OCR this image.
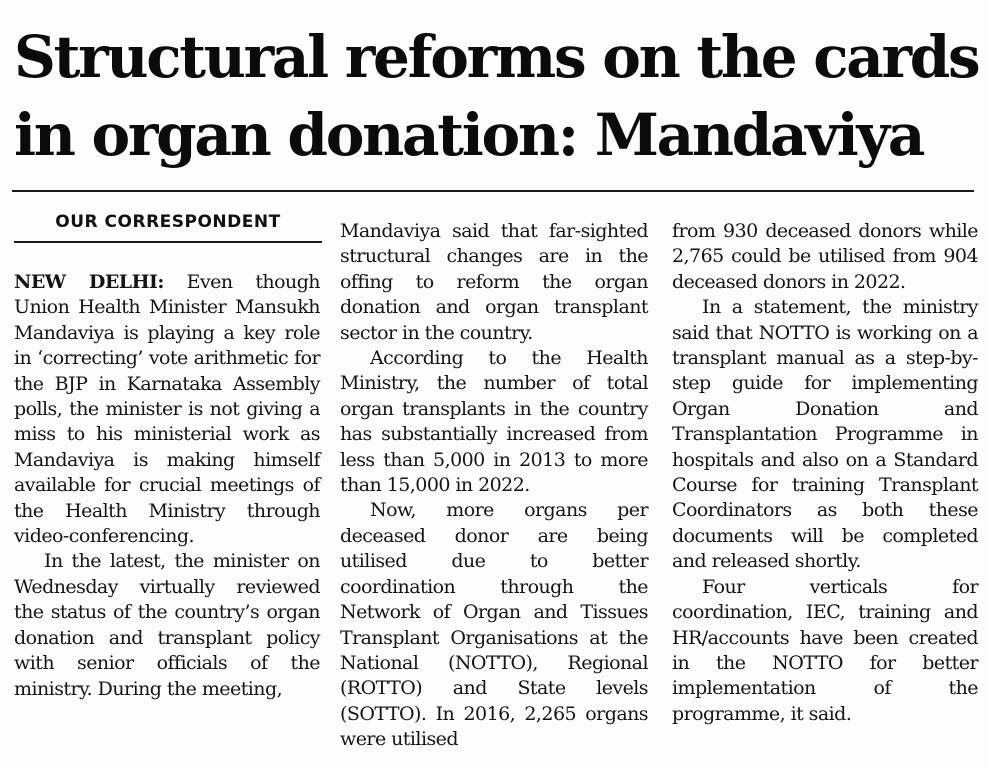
Structural reforms on the cards
in organ donation: Mandaviya
OUR CORRESPONDENT

NEW DELHI: Even though Union Health Minister Mansukh Mandaviya is playing a key role in ‘correcting’ vote arithmetic for the BJP in Karnataka Assembly polls, the minister is not giving a miss to his ministerial work as Mandaviya is making himself available for crucial meetings of the Health Ministry through video-conferencing.

In the latest, the minister on Wednesday virtually reviewed the status of the country’s organ donation and transplant policy with senior officials of the ministry. During the meeting,

Mandaviya said that far-sighted structural changes are in the offing to reform the organ donation and organ transplant sector in the country.

According to the Health Ministry, the number of total organ transplants in the country has substantially increased from less than 5,000 in 2013 to more than 15,000 in 2022.

Now, more organs per deceased donor are being utilised due to better coordination through the Network of Organ and Tissues Transplant Organisations at the National (NOTTO), Regional (ROTTO) and State levels (SOTTO). In 2016, 2,265 organs were utilised

from 930 deceased donors while 2,765 could be utilised from 904 deceased donors in 2022.

In a statement, the ministry said that NOTTO is working on a transplant manual as a step-by-step guide for implementing Organ Donation and Transplantation Programme in hospitals and also on a Standard Course for training Transplant Coordinators as both these documents will be completed and released shortly.

Four verticals for coordination, IEC, training and HR/accounts have been created in the NOTTO for better implementation of the programme, it said.
